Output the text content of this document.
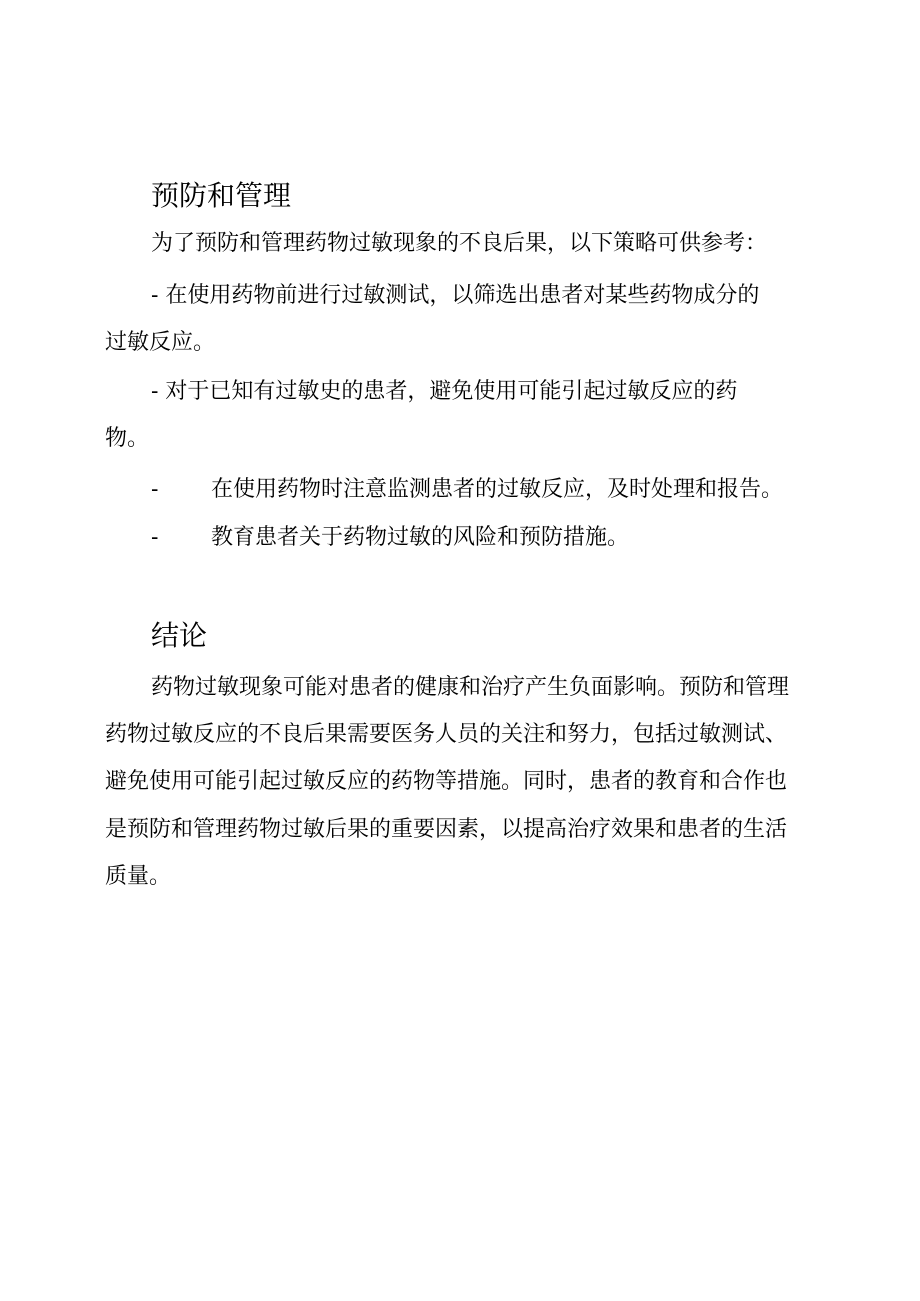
预防和管理

为了预防和管理药物过敏现象的不良后果，以下策略可供参考：

- 在使用药物前进行过敏测试，以筛选出患者对某些药物成分的

过敏反应。

- 对于已知有过敏史的患者，避免使用可能引起过敏反应的药

物。

- 在使用药物时注意监测患者的过敏反应，及时处理和报告。

- 教育患者关于药物过敏的风险和预防措施。

结论

药物过敏现象可能对患者的健康和治疗产生负面影响。预防和管理

药物过敏反应的不良后果需要医务人员的关注和努力，包括过敏测试、

避免使用可能引起过敏反应的药物等措施。同时，患者的教育和合作也

是预防和管理药物过敏后果的重要因素，以提高治疗效果和患者的生活

质量。
